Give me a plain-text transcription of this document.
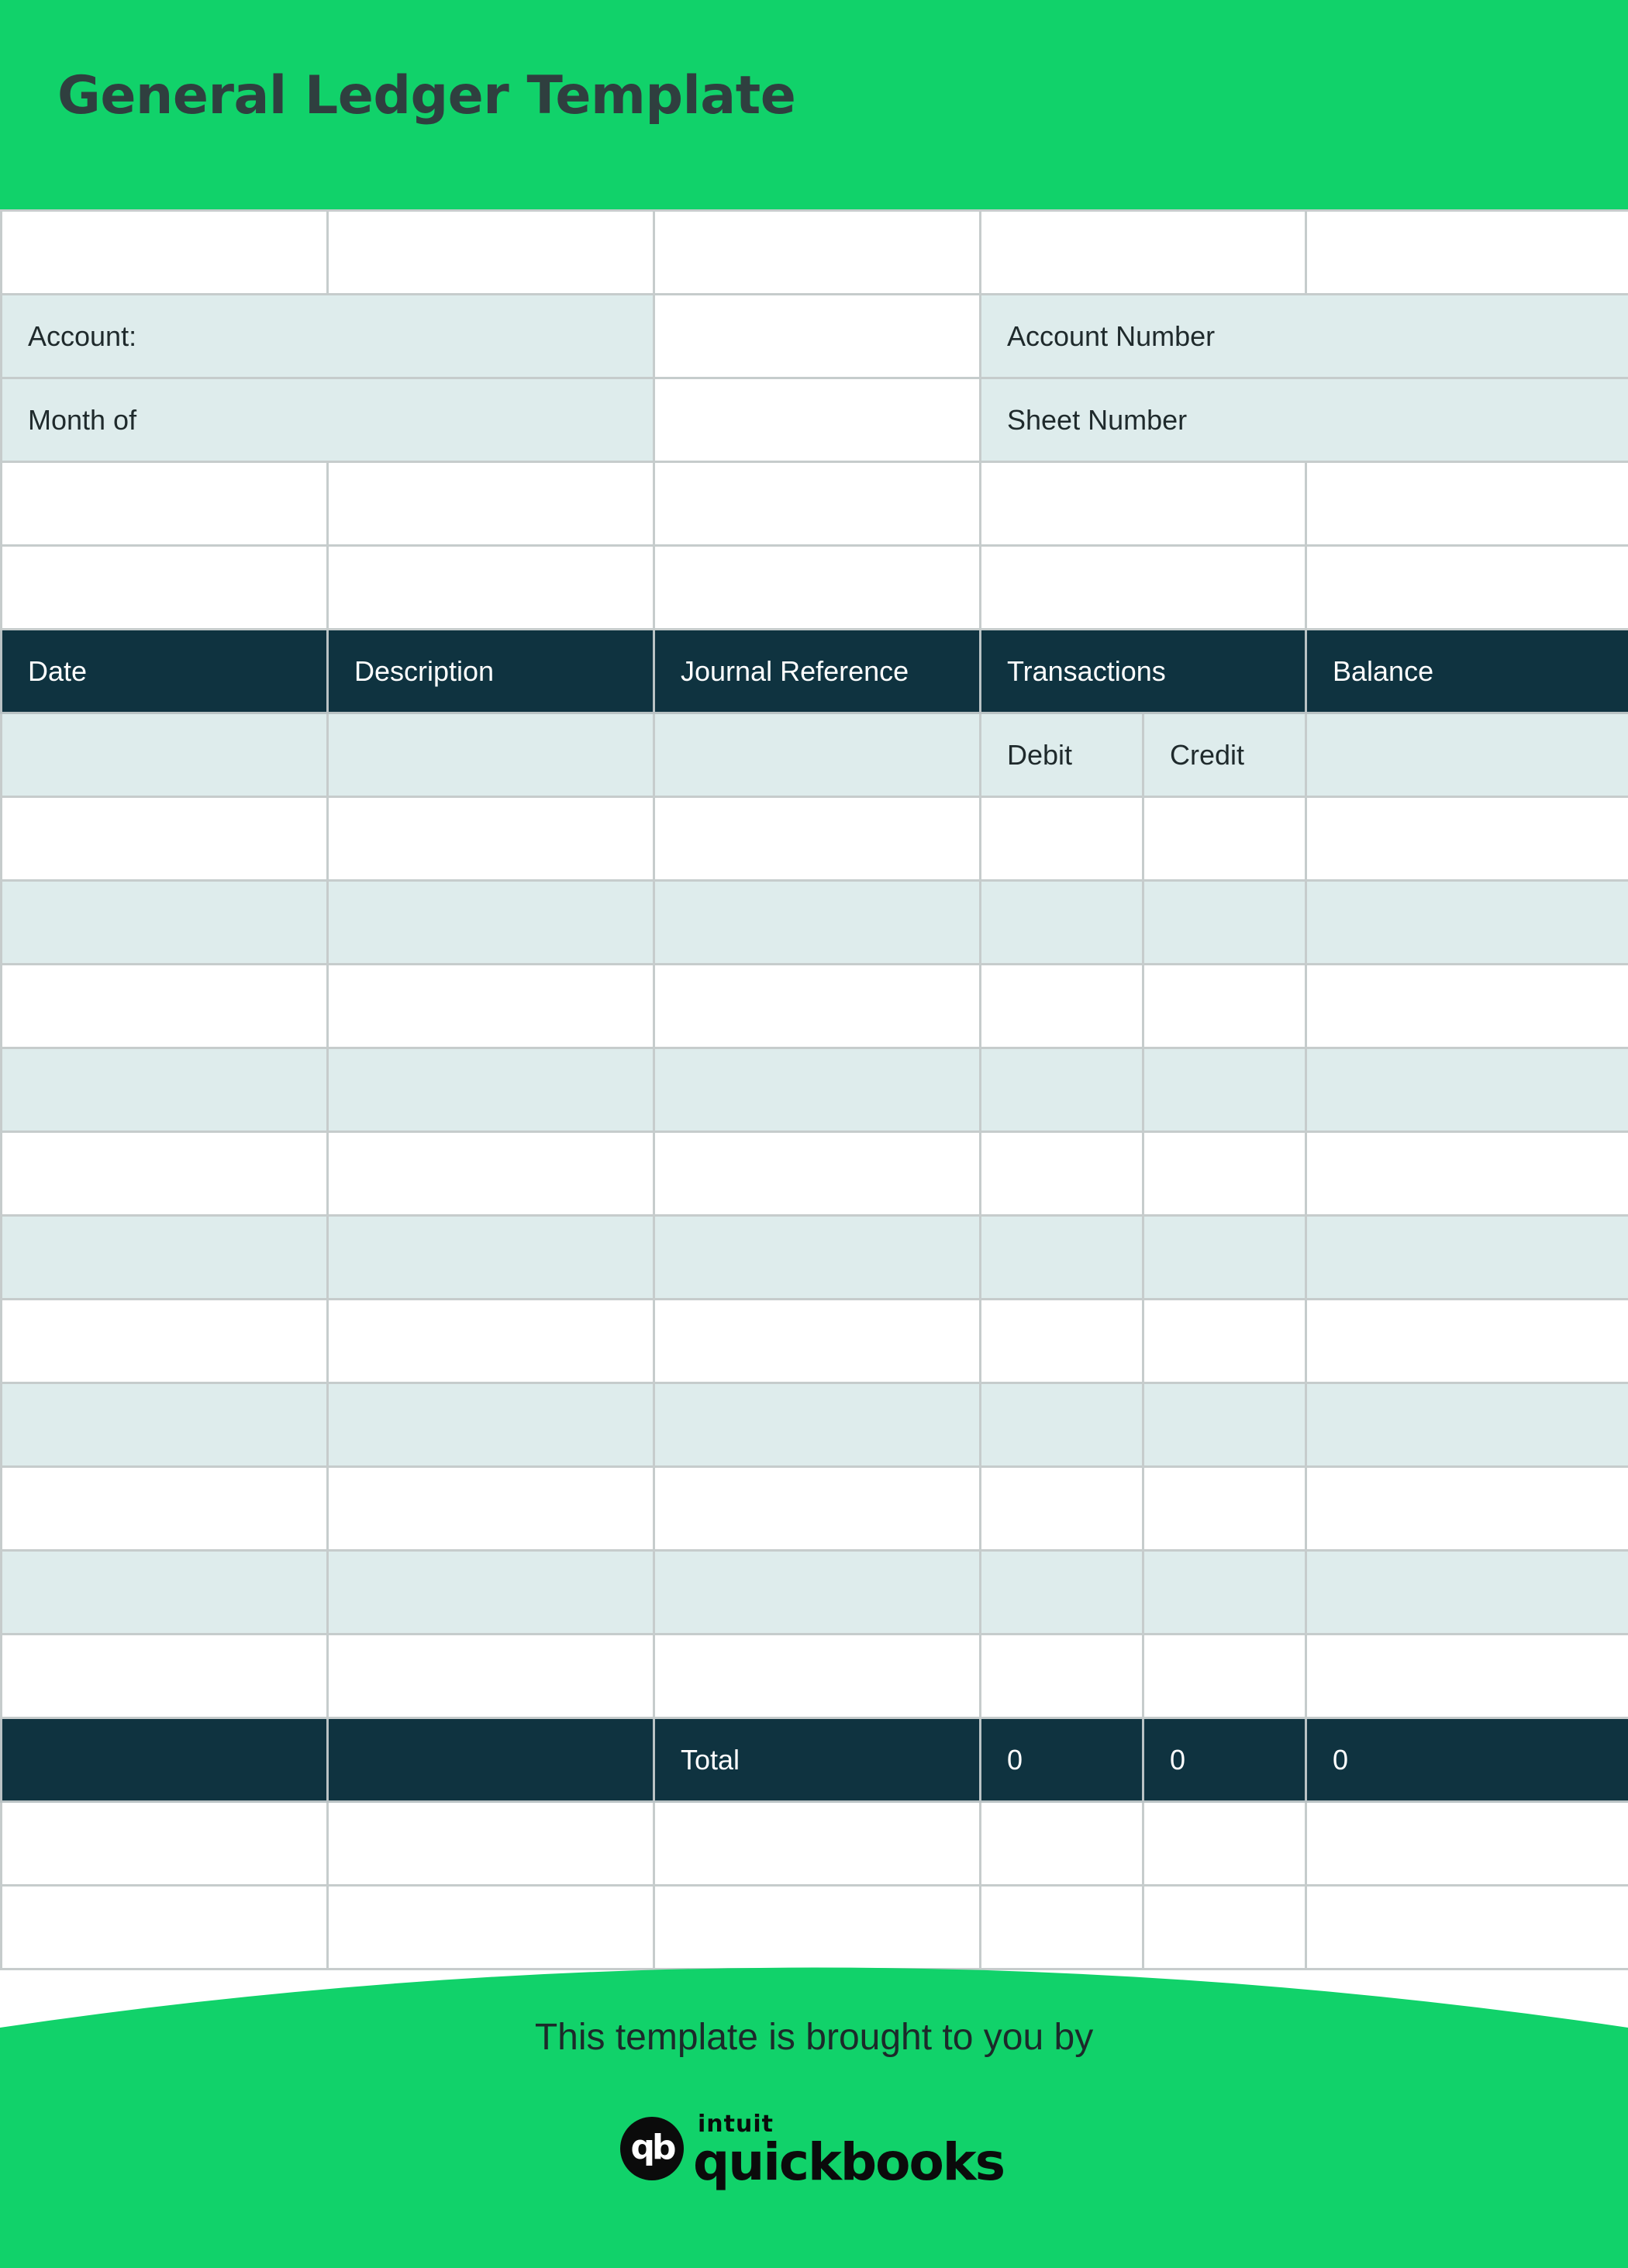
General Ledger Template

Account:			Account Number		
Month of			Sheet Number		

Date	Description	Journal Reference	Transactions		Balance
			Debit	Credit	

		Total	0	0	0

This template is brought to you by
qb
intuit
quickbooks
